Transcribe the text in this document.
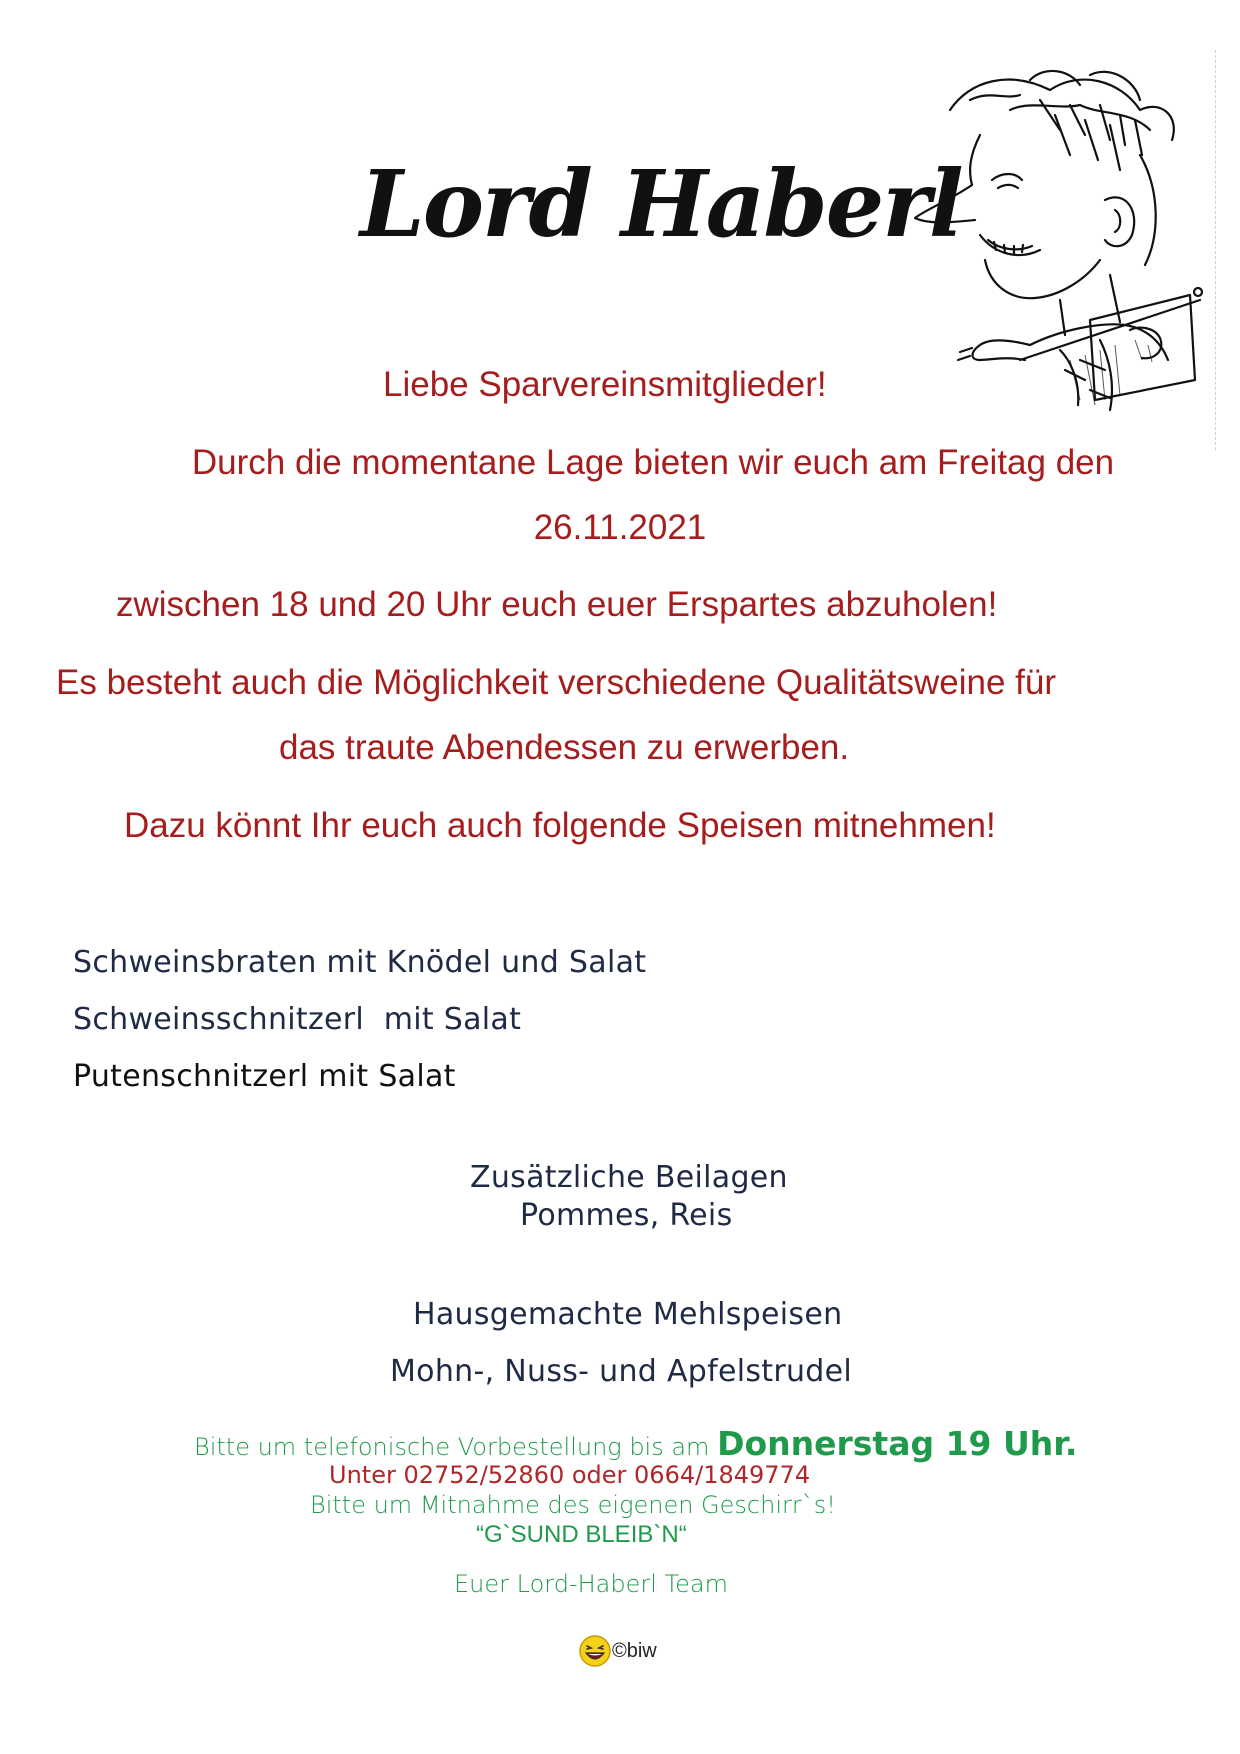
Lord Haberl
Liebe Sparvereinsmitglieder!
Durch die momentane Lage bieten wir euch am Freitag den
26.11.2021
zwischen 18 und 20 Uhr euch euer Erspartes abzuholen!
Es besteht auch die Möglichkeit verschiedene Qualitätsweine für
das traute Abendessen zu erwerben.
Dazu könnt Ihr euch auch folgende Speisen mitnehmen!
Schweinsbraten mit Knödel und Salat
Schweinsschnitzerl  mit Salat
Putenschnitzerl mit Salat
Zusätzliche Beilagen
Pommes, Reis
Hausgemachte Mehlspeisen
Mohn-, Nuss- und Apfelstrudel
Bitte um telefonische Vorbestellung bis am Donnerstag 19 Uhr.
Unter 02752/52860 oder 0664/1849774
Bitte um Mitnahme des eigenen Geschirr`s!
“G`SUND BLEIB`N“
Euer Lord-Haberl Team
©biw
